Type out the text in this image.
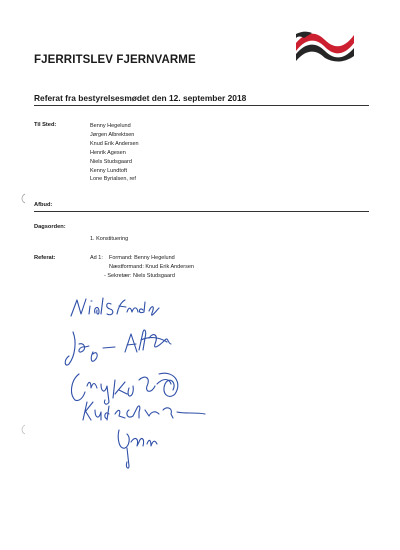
FJERRITSLEV FJERNVARME
Referat fra bestyrelsesmødet den 12. september 2018
Til Sted:	Benny Hegelund
Jørgen Albrektsen
Knud Erik Andersen
Henrik Agesen
Niels Studsgaard
Kenny Lundtoft
Lone Byrialsen, ref
Afbud:
Dagsorden:
1. Konstituering
Referat:	Ad 1: Formand: Benny Hegelund
Næstformand: Knud Erik Andersen
- Sekretær: Niels Studsgaard
